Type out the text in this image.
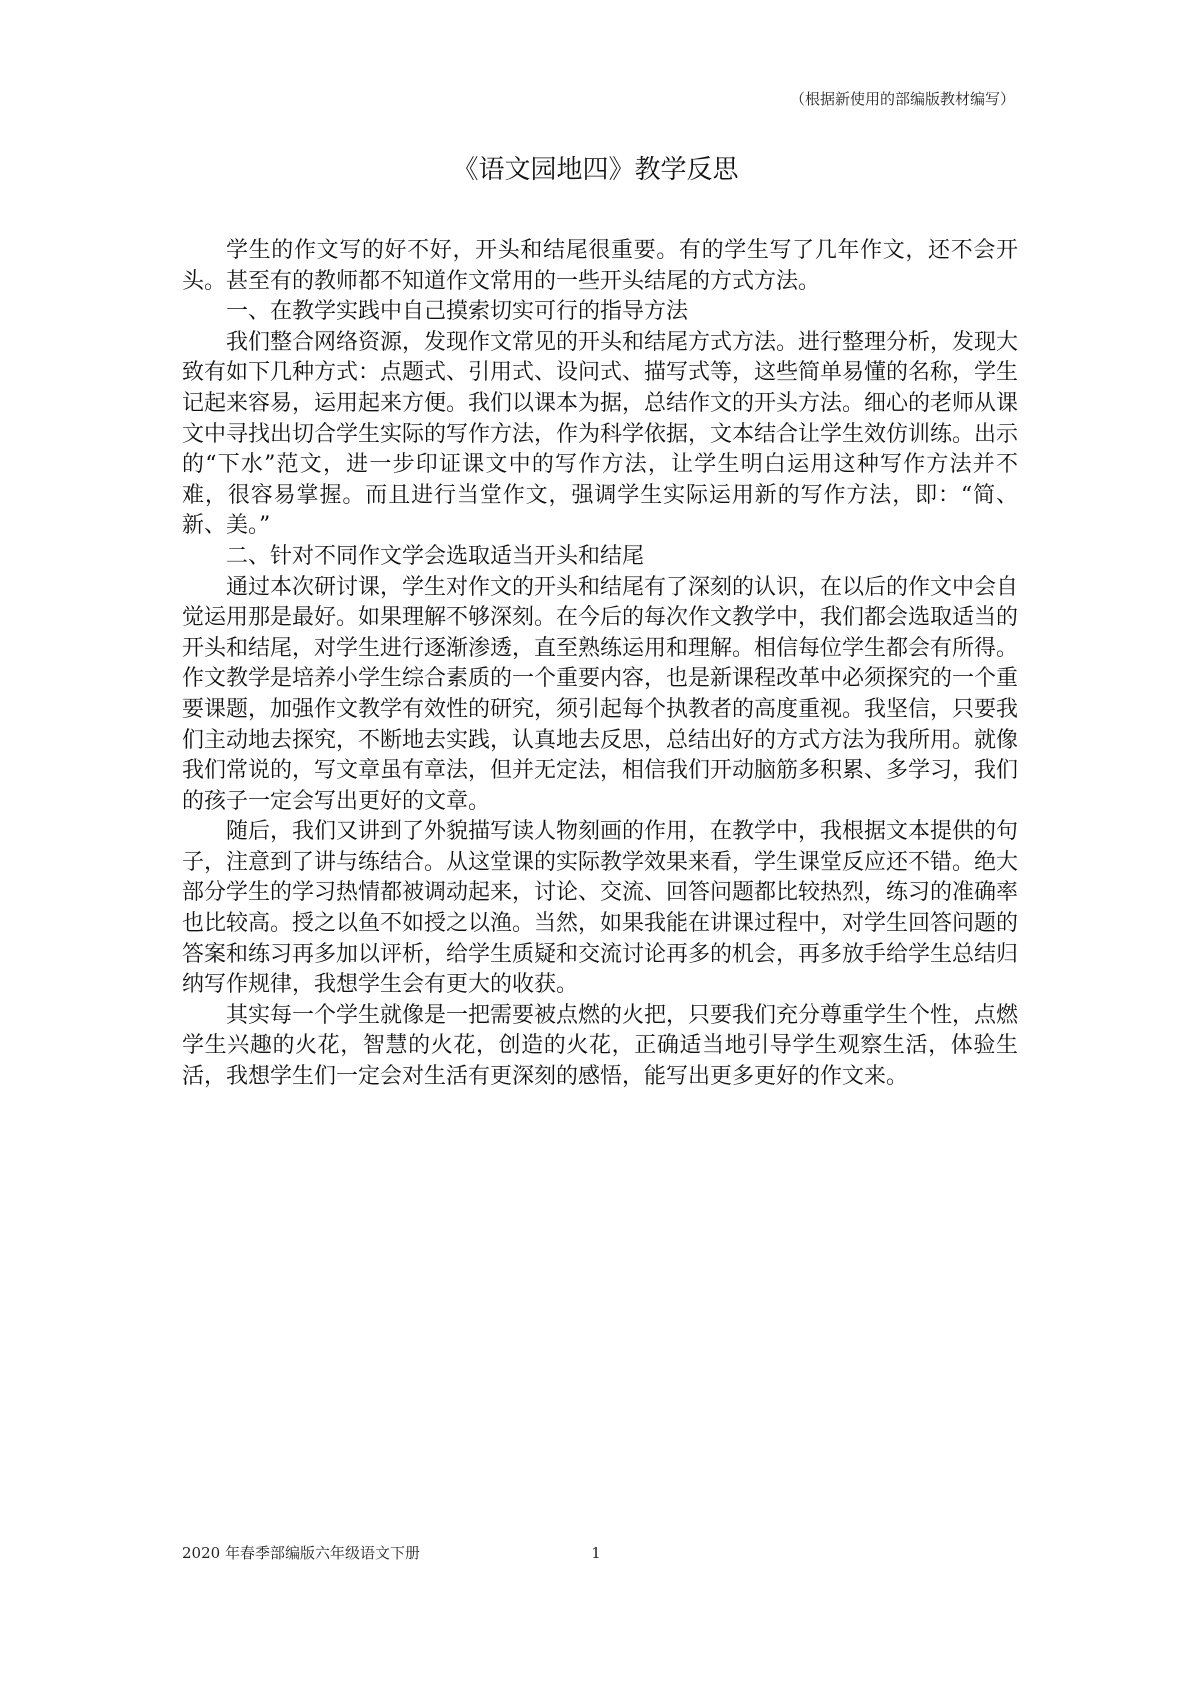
（根据新使用的部编版教材编写）
《语文园地四》教学反思

学生的作文写的好不好，开头和结尾很重要。有的学生写了几年作文，还不会开头。甚至有的教师都不知道作文常用的一些开头结尾的方式方法。

一、在教学实践中自己摸索切实可行的指导方法

我们整合网络资源，发现作文常见的开头和结尾方式方法。进行整理分析，发现大致有如下几种方式：点题式、引用式、设问式、描写式等，这些简单易懂的名称，学生记起来容易，运用起来方便。我们以课本为据，总结作文的开头方法。细心的老师从课文中寻找出切合学生实际的写作方法，作为科学依据，文本结合让学生效仿训练。出示的“下水”范文，进一步印证课文中的写作方法，让学生明白运用这种写作方法并不难，很容易掌握。而且进行当堂作文，强调学生实际运用新的写作方法，即：“简、新、美。”

二、针对不同作文学会选取适当开头和结尾

通过本次研讨课，学生对作文的开头和结尾有了深刻的认识，在以后的作文中会自觉运用那是最好。如果理解不够深刻。在今后的每次作文教学中，我们都会选取适当的开头和结尾，对学生进行逐渐渗透，直至熟练运用和理解。相信每位学生都会有所得。作文教学是培养小学生综合素质的一个重要内容，也是新课程改革中必须探究的一个重要课题，加强作文教学有效性的研究，须引起每个执教者的高度重视。我坚信，只要我们主动地去探究，不断地去实践，认真地去反思，总结出好的方式方法为我所用。就像我们常说的，写文章虽有章法，但并无定法，相信我们开动脑筋多积累、多学习，我们的孩子一定会写出更好的文章。

随后，我们又讲到了外貌描写读人物刻画的作用，在教学中，我根据文本提供的句子，注意到了讲与练结合。从这堂课的实际教学效果来看，学生课堂反应还不错。绝大部分学生的学习热情都被调动起来，讨论、交流、回答问题都比较热烈，练习的准确率也比较高。授之以鱼不如授之以渔。当然，如果我能在讲课过程中，对学生回答问题的答案和练习再多加以评析，给学生质疑和交流讨论再多的机会，再多放手给学生总结归纳写作规律，我想学生会有更大的收获。

其实每一个学生就像是一把需要被点燃的火把，只要我们充分尊重学生个性，点燃学生兴趣的火花，智慧的火花，创造的火花，正确适当地引导学生观察生活，体验生活，我想学生们一定会对生活有更深刻的感悟，能写出更多更好的作文来。

2020 年春季部编版六年级语文下册	1
